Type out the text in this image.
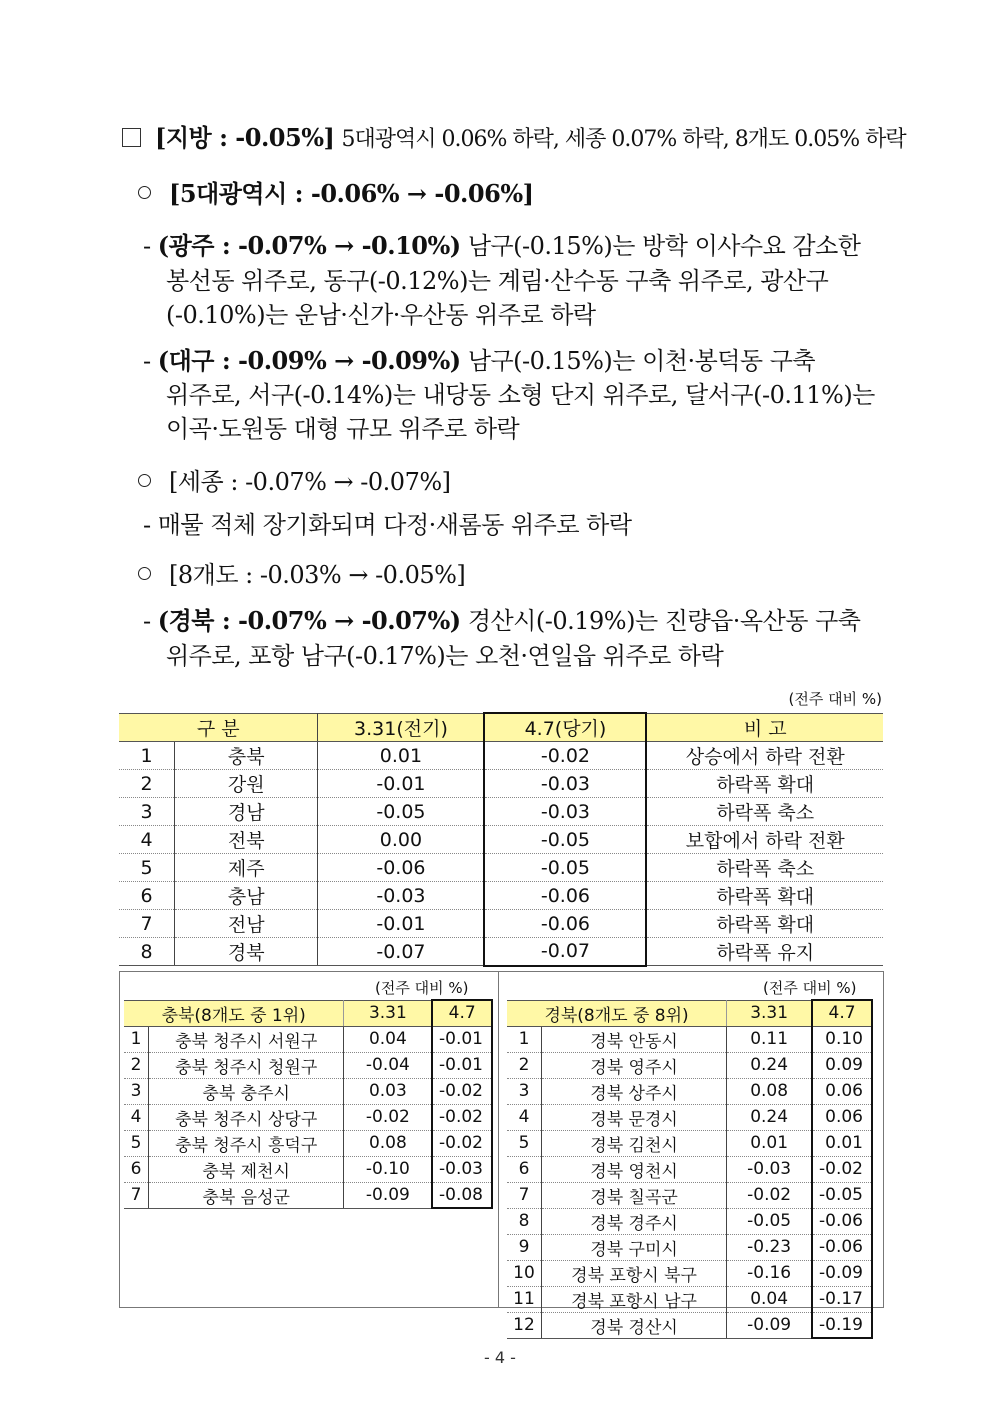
[지방 : -0.05%] 5대광역시 0.06% 하락, 세종 0.07% 하락, 8개도 0.05% 하락
[5대광역시 : -0.06% → -0.06%]
- (광주 : -0.07% → -0.10%) 남구(-0.15%)는 방학 이사수요 감소한
봉선동 위주로, 동구(-0.12%)는 계림·산수동 구축 위주로, 광산구
(-0.10%)는 운남·신가·우산동 위주로 하락
- (대구 : -0.09% → -0.09%) 남구(-0.15%)는 이천·봉덕동 구축
위주로, 서구(-0.14%)는 내당동 소형 단지 위주로, 달서구(-0.11%)는
이곡·도원동 대형 규모 위주로 하락
[세종 : -0.07% → -0.07%]
- 매물 적체 장기화되며 다정·새롬동 위주로 하락
[8개도 : -0.03% → -0.05%]
- (경북 : -0.07% → -0.07%) 경산시(-0.19%)는 진량읍·옥산동 구축
위주로, 포항 남구(-0.17%)는 오천·연일읍 위주로 하락
(전주 대비 %)
구 분		3.31(전기)	4.7(당기)	비 고
1	충북	0.01	-0.02	상승에서 하락 전환
2	강원	-0.01	-0.03	하락폭 확대
3	경남	-0.05	-0.03	하락폭 축소
4	전북	0.00	-0.05	보합에서 하락 전환
5	제주	-0.06	-0.05	하락폭 축소
6	충남	-0.03	-0.06	하락폭 확대
7	전남	-0.01	-0.06	하락폭 확대
8	경북	-0.07	-0.07	하락폭 유지
(전주 대비 %)
충북(8개도 중 1위)		3.31	4.7
1	충북 청주시 서원구	0.04	-0.01
2	충북 청주시 청원구	-0.04	-0.01
3	충북 충주시	0.03	-0.02
4	충북 청주시 상당구	-0.02	-0.02
5	충북 청주시 흥덕구	0.08	-0.02
6	충북 제천시	-0.10	-0.03
7	충북 음성군	-0.09	-0.08
(전주 대비 %)
경북(8개도 중 8위)		3.31	4.7
1	경북 안동시	0.11	0.10
2	경북 영주시	0.24	0.09
3	경북 상주시	0.08	0.06
4	경북 문경시	0.24	0.06
5	경북 김천시	0.01	0.01
6	경북 영천시	-0.03	-0.02
7	경북 칠곡군	-0.02	-0.05
8	경북 경주시	-0.05	-0.06
9	경북 구미시	-0.23	-0.06
10	경북 포항시 북구	-0.16	-0.09
11	경북 포항시 남구	0.04	-0.17
12	경북 경산시	-0.09	-0.19
- 4 -
